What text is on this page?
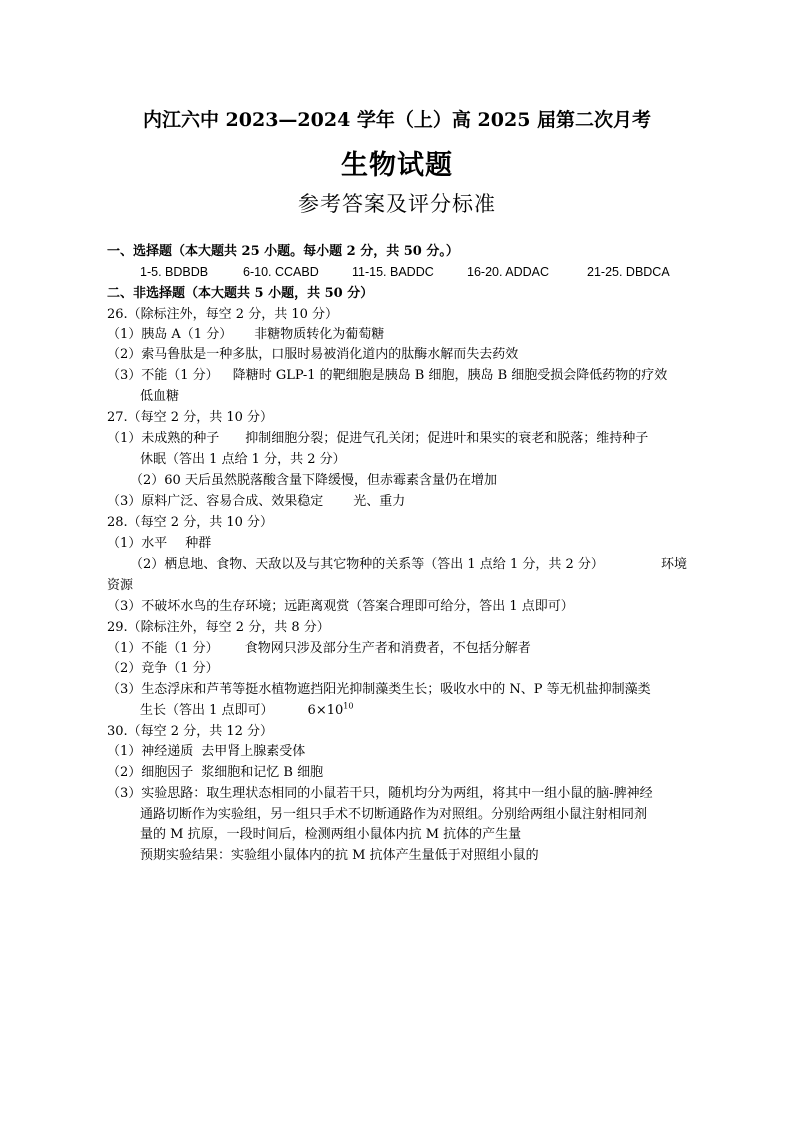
内江六中 2023—2024 学年（上）高 2025 届第二次月考
生物试题
参考答案及评分标准
一、选择题（本大题共 25 小题。每小题 2 分，共 50 分。）
1-5. BDBDB	6-10. CCABD	11-15. BADDC	16-20. ADDAC	21-25. DBDCA
二、非选择题（本大题共 5 小题，共 50 分）
26.（除标注外，每空 2 分，共 10 分）
（1）胰岛 A（1 分） 非糖物质转化为葡萄糖
（2）索马鲁肽是一种多肽，口服时易被消化道内的肽酶水解而失去药效
（3）不能（1 分） 降糖时 GLP-1 的靶细胞是胰岛 B 细胞，胰岛 B 细胞受损会降低药物的疗效
低血糖
27.（每空 2 分，共 10 分）
（1）未成熟的种子 抑制细胞分裂；促进气孔关闭；促进叶和果实的衰老和脱落；维持种子
休眠（答出 1 点给 1 分，共 2 分）
（2）60 天后虽然脱落酸含量下降缓慢，但赤霉素含量仍在增加
（3）原料广泛、容易合成、效果稳定 光、重力
28.（每空 2 分，共 10 分）
（1）水平 种群
（2）栖息地、食物、天敌以及与其它物种的关系等（答出 1 点给 1 分，共 2 分）	环境
资源
（3）不破坏水鸟的生存环境；远距离观赏（答案合理即可给分，答出 1 点即可）
29.（除标注外，每空 2 分，共 8 分）
（1）不能（1 分） 食物网只涉及部分生产者和消费者，不包括分解者
（2）竞争（1 分）
（3）生态浮床和芦苇等挺水植物遮挡阳光抑制藻类生长；吸收水中的 N、P 等无机盐抑制藻类
生长（答出 1 点即可）	$6\times 10^{10}$
30.（每空 2 分，共 12 分）
（1）神经递质 去甲肾上腺素受体
（2）细胞因子 浆细胞和记忆 B 细胞
（3）实验思路：取生理状态相同的小鼠若干只，随机均分为两组，将其中一组小鼠的脑-脾神经
通路切断作为实验组，另一组只手术不切断通路作为对照组。分别给两组小鼠注射相同剂
量的 M 抗原，一段时间后，检测两组小鼠体内抗 M 抗体的产生量
预期实验结果：实验组小鼠体内的抗 M 抗体产生量低于对照组小鼠的
